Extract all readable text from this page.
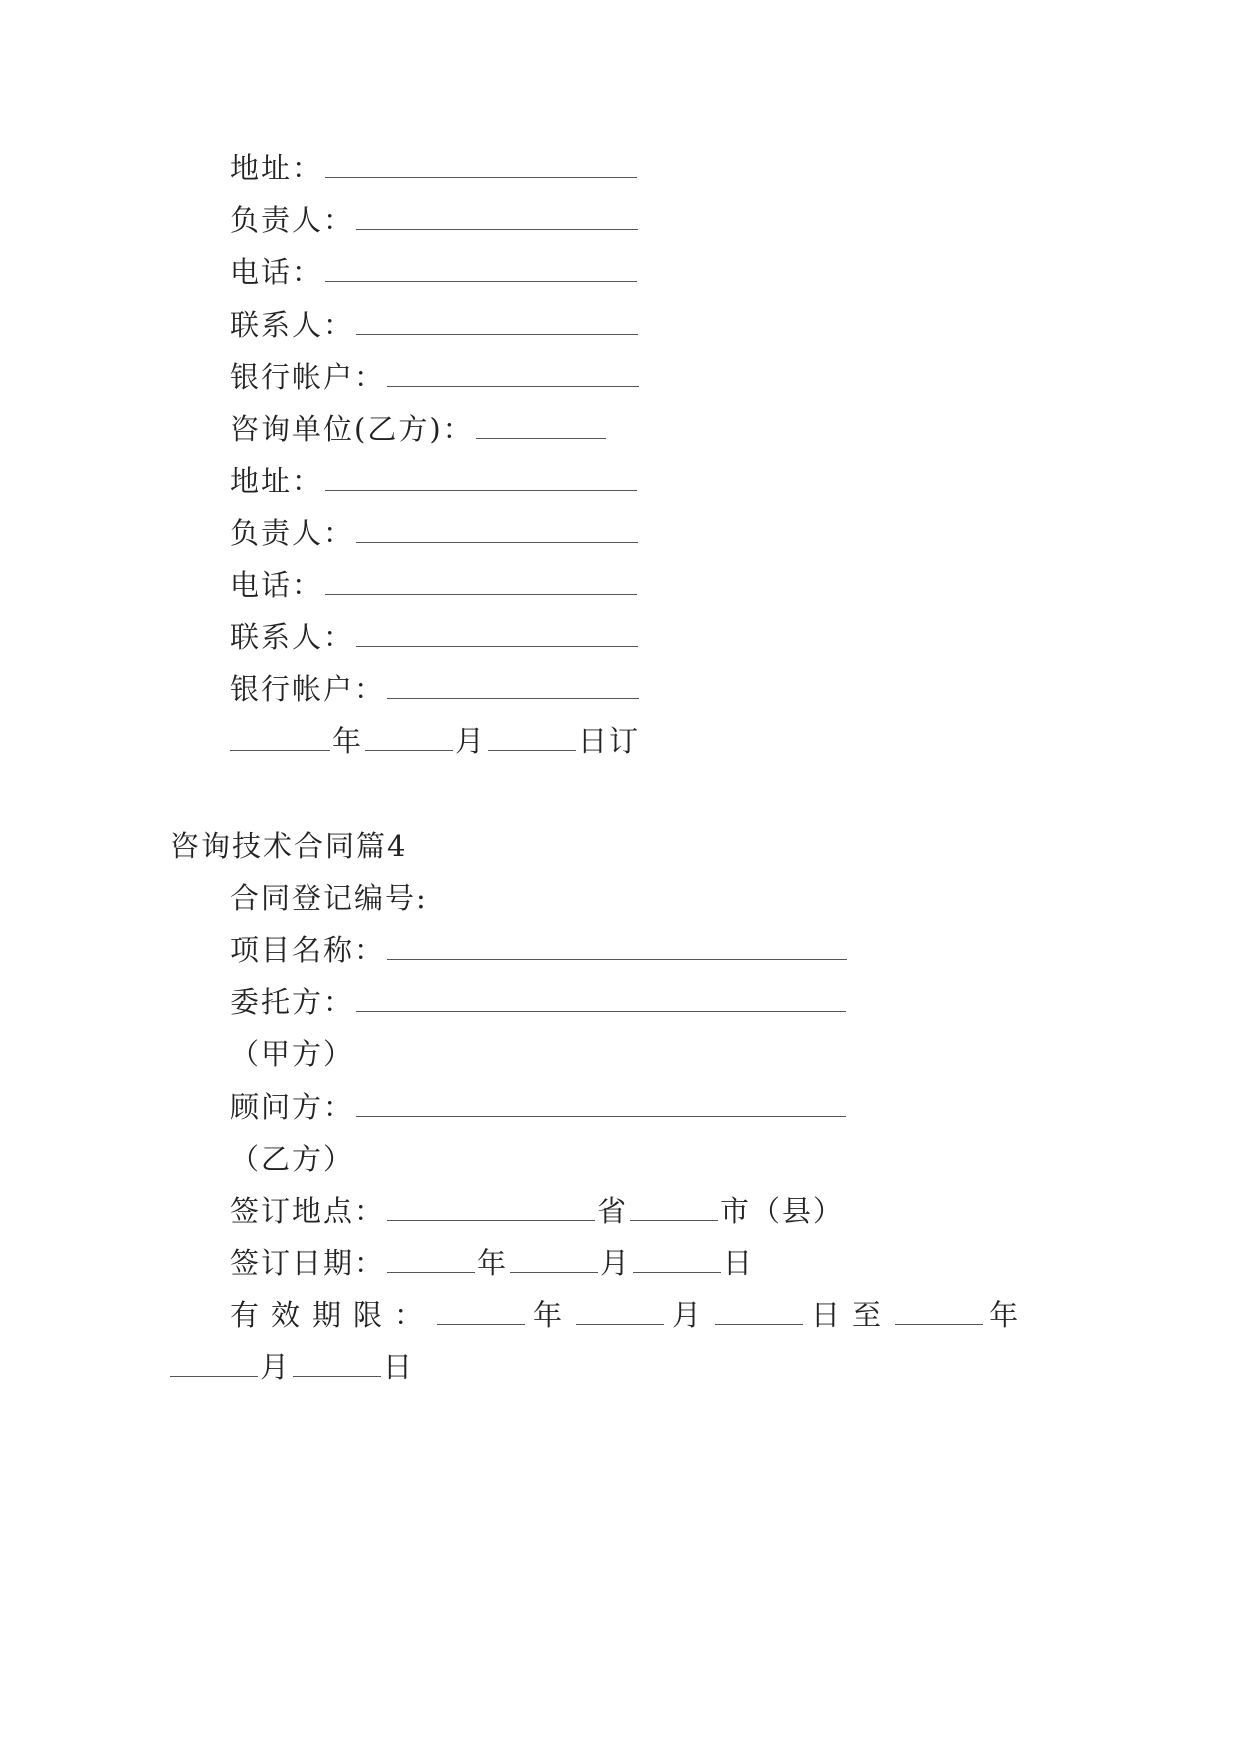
地址：
负责人：
电话：
联系人：
银行帐户：
咨询单位(乙方)：
地址：
负责人：
电话：
联系人：
银行帐户：
年	月	日订
咨询技术合同篇4
合同登记编号:
项目名称：
委托方：
（甲方）
顾问方：
（乙方）
签订地点：	省	市（县）
签订日期：	年	月	日
有效期限：	年	月	日至	年
月	日
